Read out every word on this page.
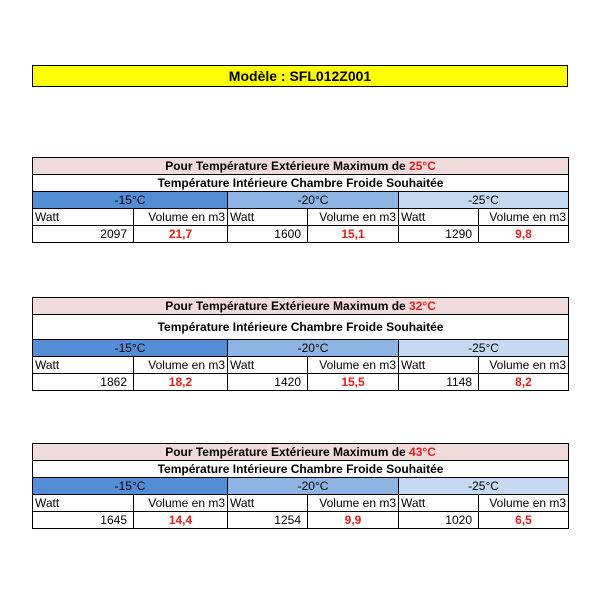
Modèle : SFL012Z001
Pour Température Extérieure Maximum de 25°C					
Température Intérieure Chambre Froide Souhaitée					
-15°C		-20°C		-25°C	
Watt	Volume en m3	Watt	Volume en m3	Watt	Volume en m3
2097	21,7	1600	15,1	1290	9,8
Pour Température Extérieure Maximum de 32°C					
Température Intérieure Chambre Froide Souhaitée					
-15°C		-20°C		-25°C	
Watt	Volume en m3	Watt	Volume en m3	Watt	Volume en m3
1862	18,2	1420	15,5	1148	8,2
Pour Température Extérieure Maximum de 43°C					
Température Intérieure Chambre Froide Souhaitée					
-15°C		-20°C		-25°C	
Watt	Volume en m3	Watt	Volume en m3	Watt	Volume en m3
1645	14,4	1254	9,9	1020	6,5
